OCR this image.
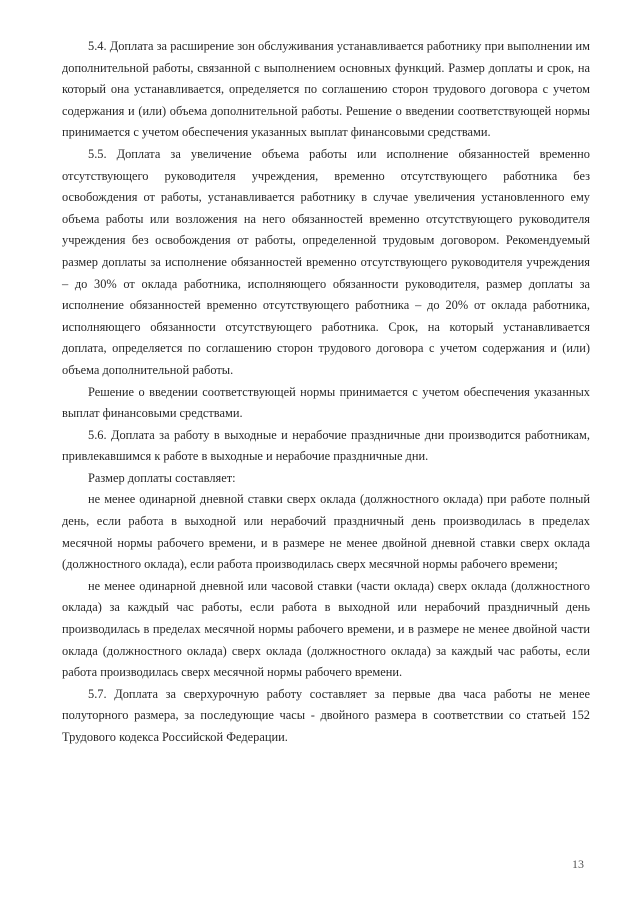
5.4. Доплата за расширение зон обслуживания устанавливается работнику при выполнении им дополнительной работы, связанной с выполнением основных функций. Размер доплаты и срок, на который она устанавливается, определяется по соглашению сторон трудового договора с учетом содержания и (или) объема дополнительной работы. Решение о введении соответствующей нормы принимается с учетом обеспечения указанных выплат финансовыми средствами.

5.5. Доплата за увеличение объема работы или исполнение обязанностей временно отсутствующего руководителя учреждения, временно отсутствующего работника без освобождения от работы, устанавливается работнику в случае увеличения установленного ему объема работы или возложения на него обязанностей временно отсутствующего руководителя учреждения без освобождения от работы, определенной трудовым договором. Рекомендуемый размер доплаты за исполнение обязанностей временно отсутствующего руководителя учреждения – до 30% от оклада работника, исполняющего обязанности руководителя, размер доплаты за исполнение обязанностей временно отсутствующего работника – до 20% от оклада работника, исполняющего обязанности отсутствующего работника. Срок, на который устанавливается доплата, определяется по соглашению сторон трудового договора с учетом содержания и (или) объема дополнительной работы.

Решение о введении соответствующей нормы принимается с учетом обеспечения указанных выплат финансовыми средствами.

5.6. Доплата за работу в выходные и нерабочие праздничные дни производится работникам, привлекавшимся к работе в выходные и нерабочие праздничные дни.

Размер доплаты составляет:

не менее одинарной дневной ставки сверх оклада (должностного оклада) при работе полный день, если работа в выходной или нерабочий праздничный день производилась в пределах месячной нормы рабочего времени, и в размере не менее двойной дневной ставки сверх оклада (должностного оклада), если работа производилась сверх месячной нормы рабочего времени;

не менее одинарной дневной или часовой ставки (части оклада) сверх оклада (должностного оклада) за каждый час работы, если работа в выходной или нерабочий праздничный день производилась в пределах месячной нормы рабочего времени, и в размере не менее двойной части оклада (должностного оклада) сверх оклада (должностного оклада) за каждый час работы, если работа производилась сверх месячной нормы рабочего времени.

5.7. Доплата за сверхурочную работу составляет за первые два часа работы не менее полуторного размера, за последующие часы - двойного размера в соответствии со статьей 152 Трудового кодекса Российской Федерации.

13
